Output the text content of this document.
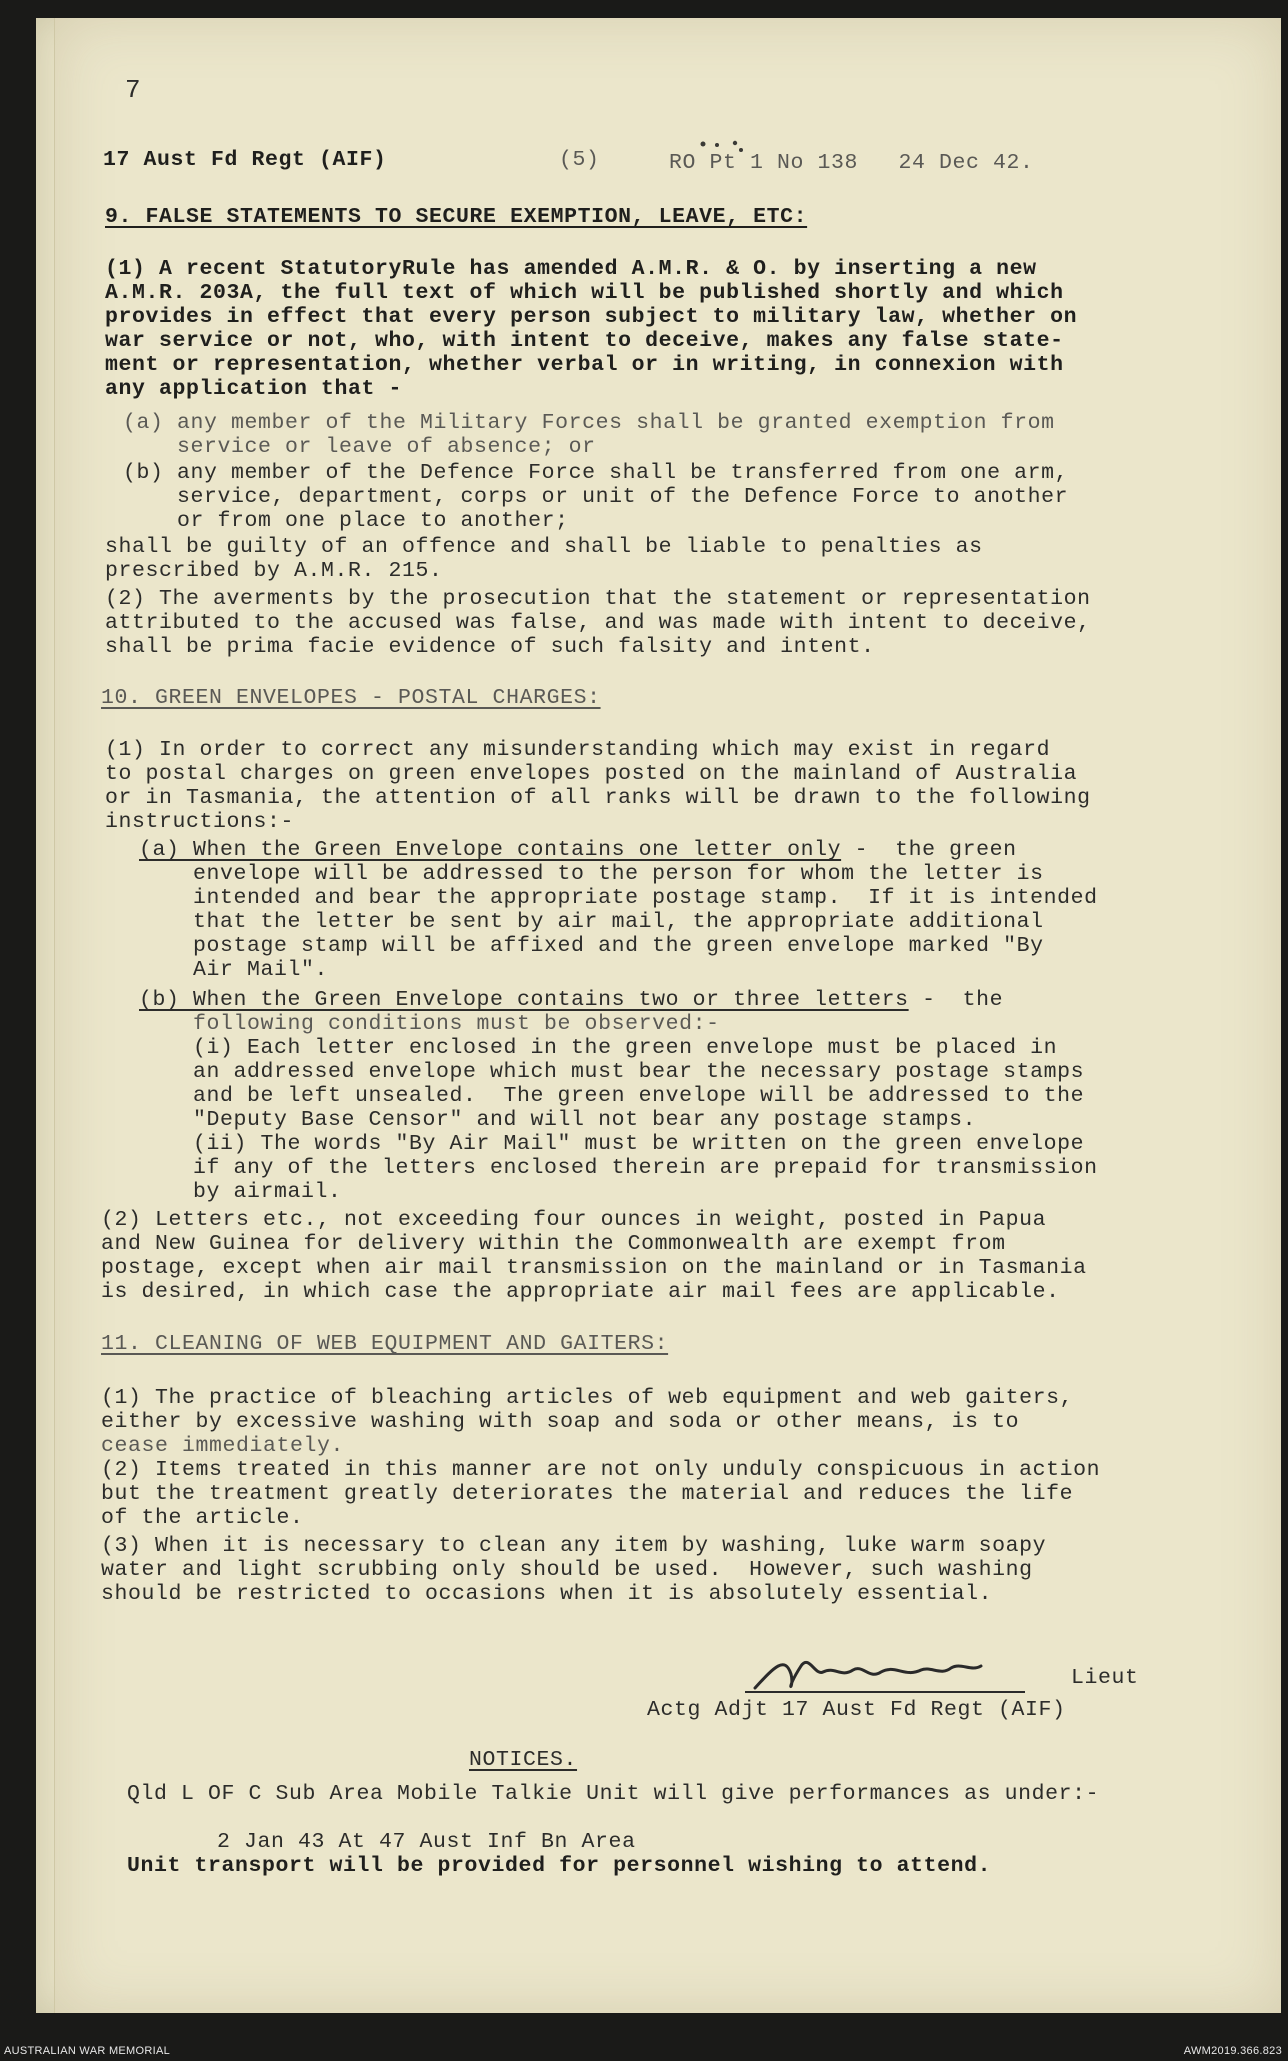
7
17 Aust Fd Regt (AIF)	(5)	RO Pt 1 No 138   24 Dec 42.
9. FALSE STATEMENTS TO SECURE EXEMPTION, LEAVE, ETC:
(1) A recent StatutoryRule has amended A.M.R. & O. by inserting a new
A.M.R. 203A, the full text of which will be published shortly and which
provides in effect that every person subject to military law, whether on
war service or not, who, with intent to deceive, makes any false state-
ment or representation, whether verbal or in writing, in connexion with
any application that -
(a) any member of the Military Forces shall be granted exemption from
service or leave of absence; or
(b) any member of the Defence Force shall be transferred from one arm,
service, department, corps or unit of the Defence Force to another
or from one place to another;
shall be guilty of an offence and shall be liable to penalties as
prescribed by A.M.R. 215.
(2) The averments by the prosecution that the statement or representation
attributed to the accused was false, and was made with intent to deceive,
shall be prima facie evidence of such falsity and intent.
10. GREEN ENVELOPES - POSTAL CHARGES:
(1) In order to correct any misunderstanding which may exist in regard
to postal charges on green envelopes posted on the mainland of Australia
or in Tasmania, the attention of all ranks will be drawn to the following
instructions:-
(a) When the Green Envelope contains one letter only -  the green
envelope will be addressed to the person for whom the letter is
intended and bear the appropriate postage stamp.  If it is intended
that the letter be sent by air mail, the appropriate additional
postage stamp will be affixed and the green envelope marked "By
Air Mail".
(b) When the Green Envelope contains two or three letters -  the
following conditions must be observed:-
(i) Each letter enclosed in the green envelope must be placed in
an addressed envelope which must bear the necessary postage stamps
and be left unsealed.  The green envelope will be addressed to the
"Deputy Base Censor" and will not bear any postage stamps.
(ii) The words "By Air Mail" must be written on the green envelope
if any of the letters enclosed therein are prepaid for transmission
by airmail.
(2) Letters etc., not exceeding four ounces in weight, posted in Papua
and New Guinea for delivery within the Commonwealth are exempt from
postage, except when air mail transmission on the mainland or in Tasmania
is desired, in which case the appropriate air mail fees are applicable.
11. CLEANING OF WEB EQUIPMENT AND GAITERS:
(1) The practice of bleaching articles of web equipment and web gaiters,
either by excessive washing with soap and soda or other means, is to
cease immediately.
(2) Items treated in this manner are not only unduly conspicuous in action
but the treatment greatly deteriorates the material and reduces the life
of the article.
(3) When it is necessary to clean any item by washing, luke warm soapy
water and light scrubbing only should be used.  However, such washing
should be restricted to occasions when it is absolutely essential.
Lieut
Actg Adjt 17 Aust Fd Regt (AIF)
NOTICES.
Qld L OF C Sub Area Mobile Talkie Unit will give performances as under:-
2 Jan 43 At 47 Aust Inf Bn Area
Unit transport will be provided for personnel wishing to attend.
AUSTRALIAN WAR MEMORIAL	AWM2019.366.823
